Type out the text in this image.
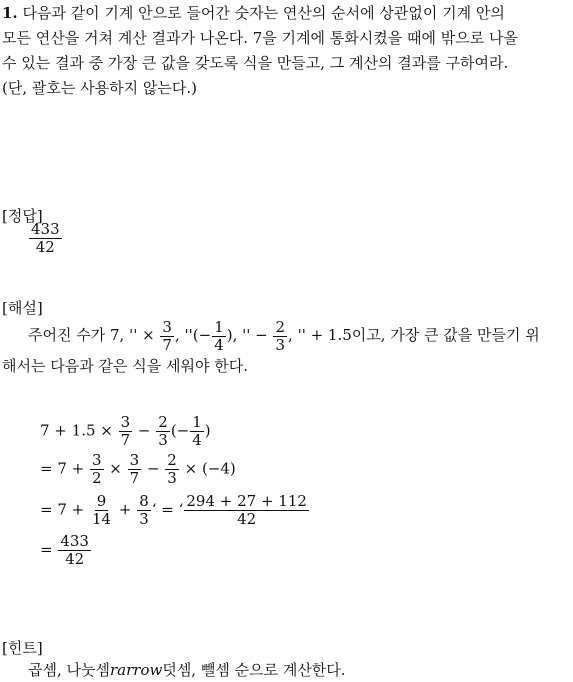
1. 다음과 같이 기계 안으로 들어간 숫자는 연산의 순서에 상관없이 기계 안의
모든 연산을 거쳐 계산 결과가 나온다. 7을 기계에 통화시켰을 때에 밖으로 나올
수 있는 결과 중 가장 큰 값을 갖도록 식을 만들고, 그 계산의 결과를 구하여라.
(단, 괄호는 사용하지 않는다.)
[정답]
$\frac{433}{42}$
[해설]
주어진 수가 7, '' × $\frac{3}{7}$ , ''(− $\frac{1}{4}$ ), '' − $\frac{2}{3}$ , '' + 1.5이고, 가장 큰 값을 만들기 위
해서는 다음과 같은 식을 세워야 한다.
$7 + 1.5 \times \frac{3}{7} - \frac{2}{3}$ (− $\frac{1}{4}$ )
= $7 + \frac{3}{2} \times \frac{3}{7} - \frac{2}{3} \times (-4)$
= $7 + \frac{9}{14} + \frac{8}{3}$ ‘ = ‘ $\frac{294 + 27 + 112}{42}$
= $\frac{433}{42}$
[힌트]
곱셈, 나눗셈rarrow덧셈, 뺄셈 순으로 계산한다.
